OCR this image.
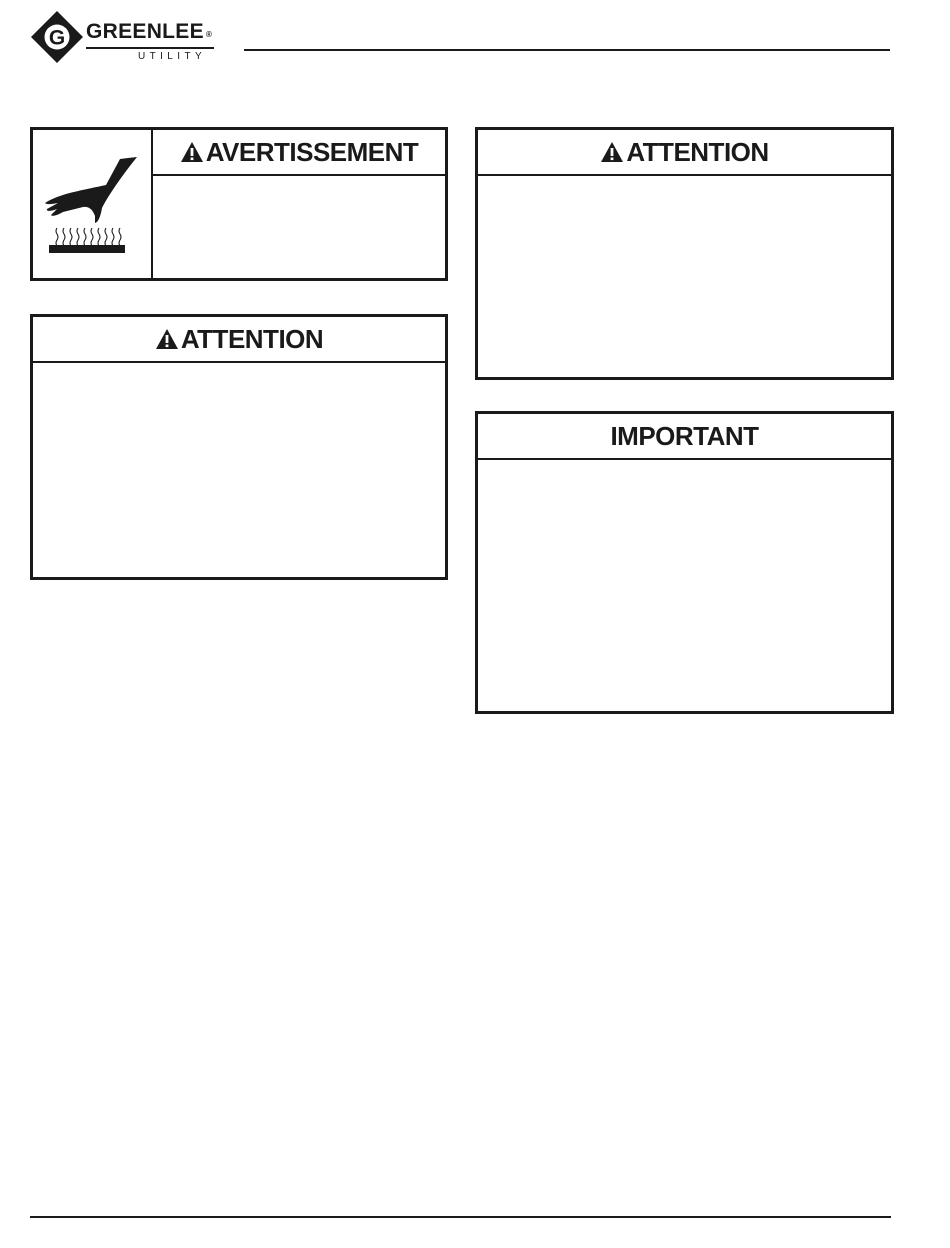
G GREENLEE ®
UTILITY
AVERTISSEMENT
ATTENTION
ATTENTION
IMPORTANT
